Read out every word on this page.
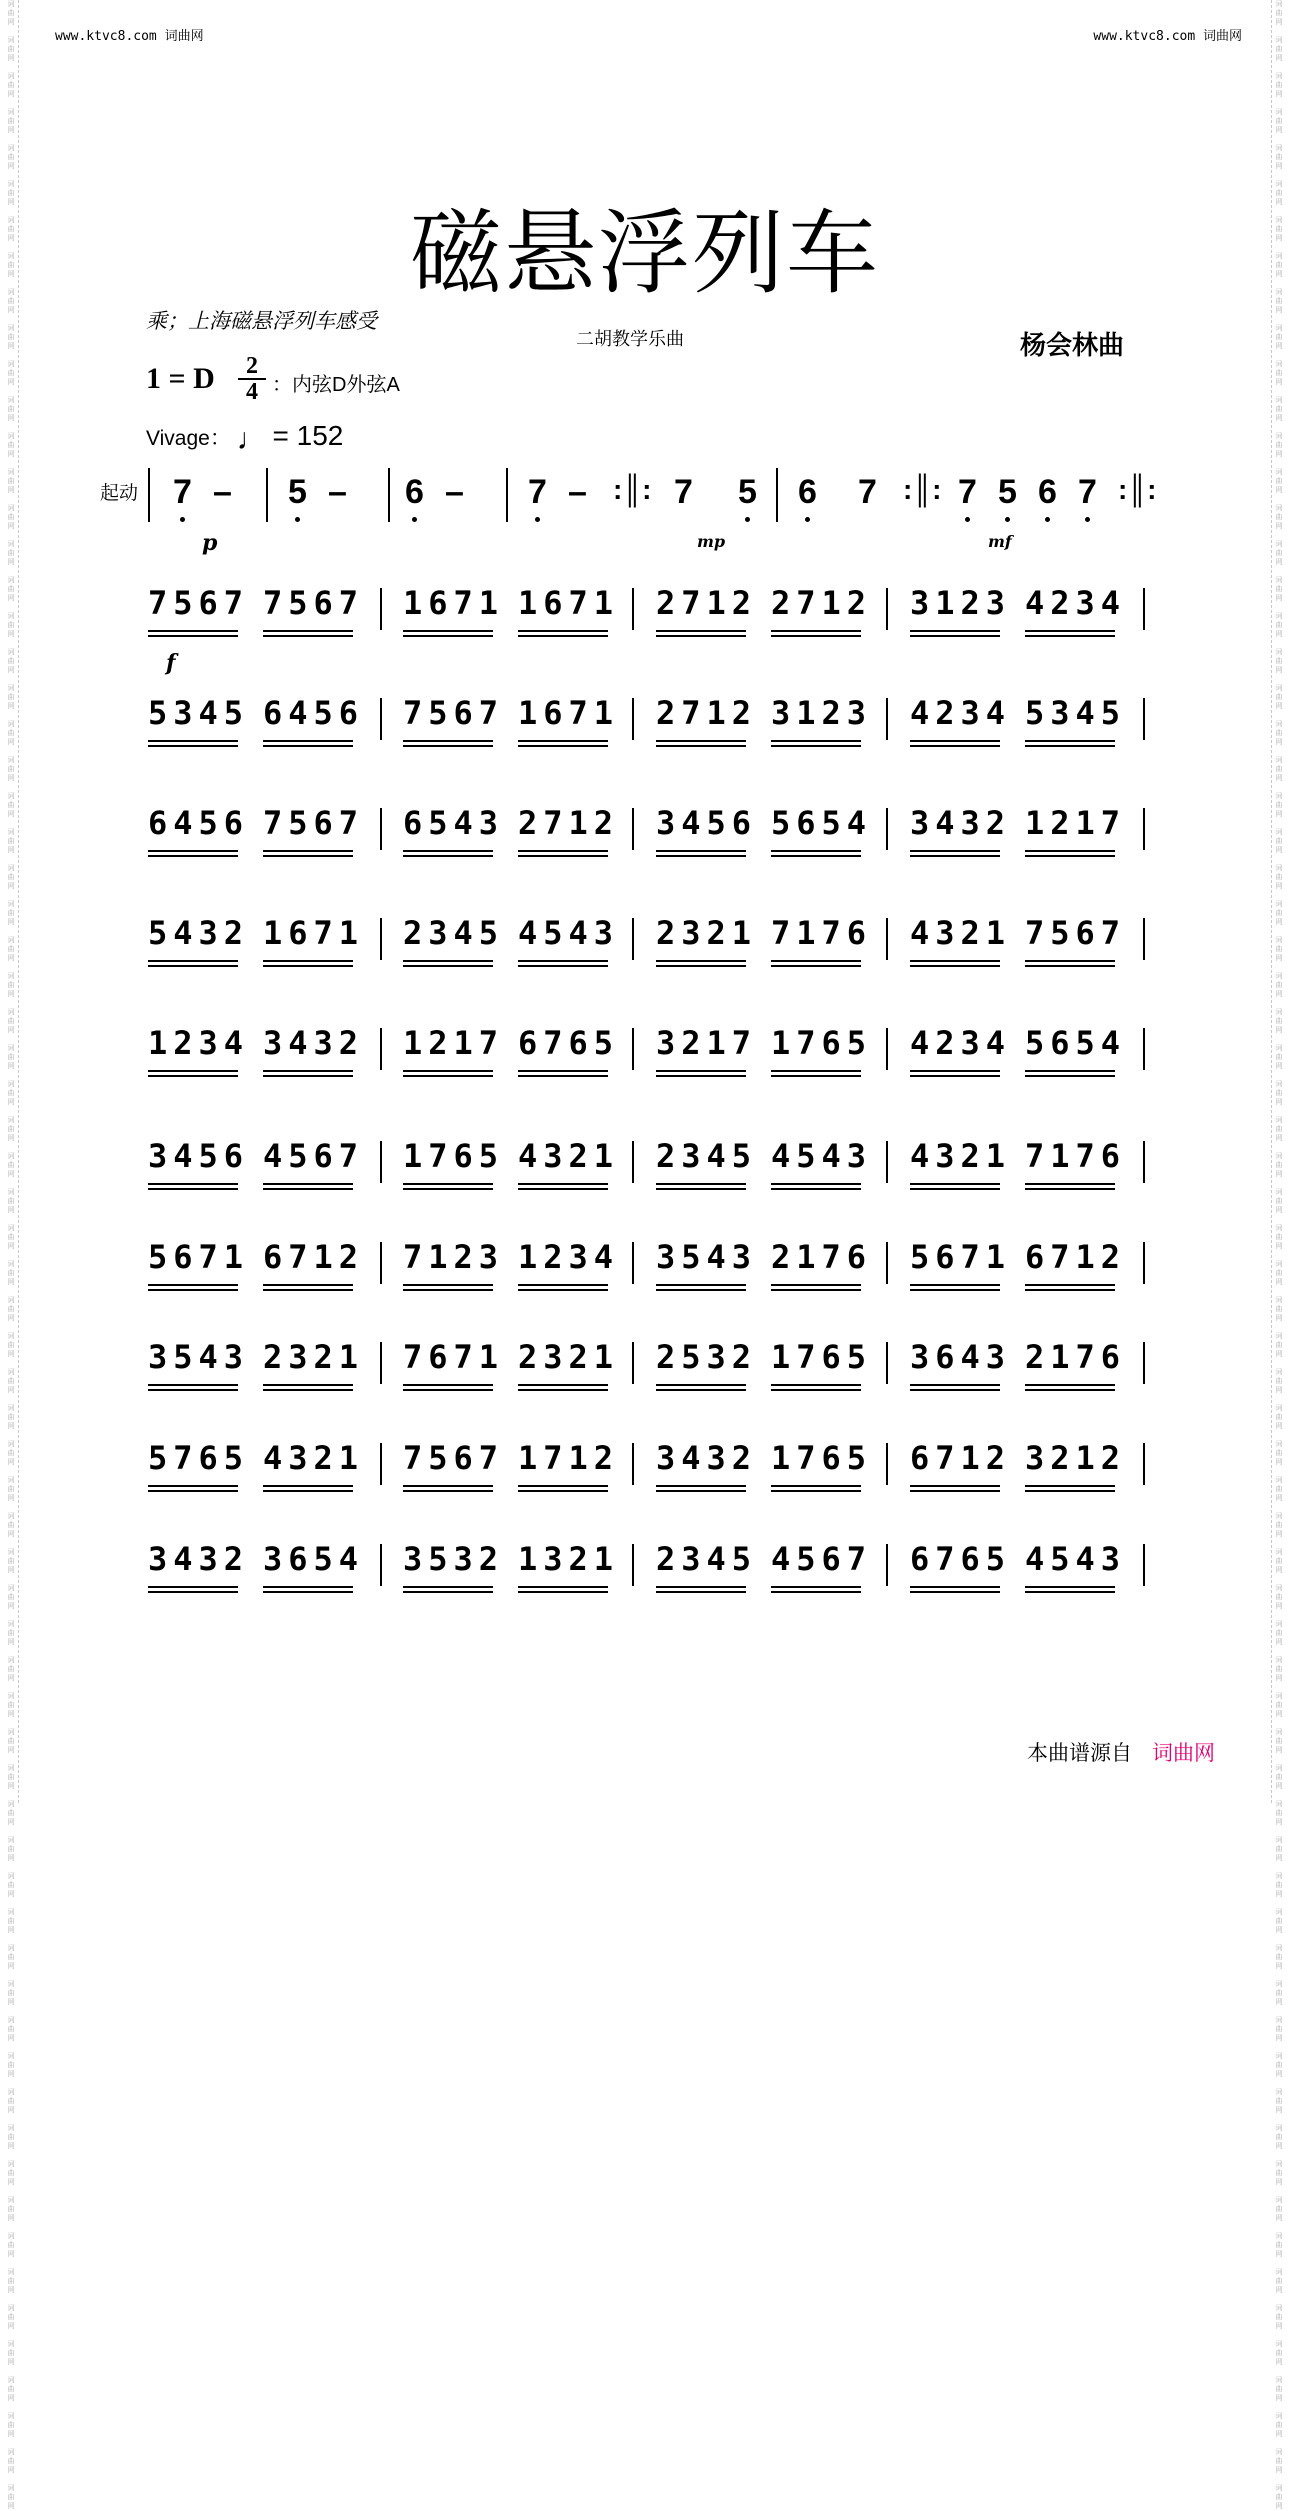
词
曲
网

词
曲
网

词
曲
网

词
曲
网

词
曲
网

词
曲
网

词
曲
网

词
曲
网

词
曲
网

词
曲
网

词
曲
网

词
曲
网

词
曲
网

词
曲
网

词
曲
网

词
曲
网

词
曲
网

词
曲
网

词
曲
网

词
曲
网

词
曲
网

词
曲
网

词
曲
网

词
曲
网

词
曲
网

词
曲
网

词
曲
网

词
曲
网

词
曲
网

词
曲
网

词
曲
网

词
曲
网

词
曲
网

词
曲
网

词
曲
网

词
曲
网

词
曲
网

词
曲
网

词
曲
网

词
曲
网

词
曲
网

词
曲
网

词
曲
网

词
曲
网

词
曲
网

词
曲
网

词
曲
网

词
曲
网

词
曲
网

词
曲
网

词
曲
网

词
曲
网

词
曲
网

词
曲
网

词
曲
网

词
曲
网

词
曲
网

词
曲
网

词
曲
网

词
曲
网

词
曲
网

词
曲
网

词
曲
网

词
曲
网

词
曲
网

词
曲
网

词
曲
网

词
曲
网

词
曲
网

词
曲
网

词
曲
网

词
曲
网

词
曲
网

词
曲
网

词
曲
网

词
曲
网

词
曲
网

词
曲
网

词
曲
网

词
曲
网

词
曲
网

词
曲
网

词
曲
网

词
曲
网

词
曲
网

词
曲
网

词
曲
网

词
曲
网

词
曲
网

词
曲
网

词
曲
网

词
曲
网

词
曲
网

词
曲
网

词
曲
网

词
曲
网

词
曲
网

词
曲
网

词
曲
网

词
曲
网

词
曲
网

词
曲
网

词
曲
网

词
曲
网

词
曲
网

词
曲
网

词
曲
网

词
曲
网

词
曲
网

词
曲
网

词
曲
网

词
曲
网

词
曲
网

词
曲
网

词
曲
网

词
曲
网

词
曲
网

词
曲
网

词
曲
网

词
曲
网

词
曲
网

词
曲
网

词
曲
网

词
曲
网

词
曲
网

词
曲
网

词
曲
网

词
曲
网

词
曲
网

词
曲
网

词
曲
网

词
曲
网

词
曲
网

词
曲
网

词
曲
网

词
曲
网

词
曲
网

词
曲
网

词
曲
网

词
曲
网

www.ktvc8.com 词曲网	www.ktvc8.com 词曲网
磁悬浮列车
乘；上海磁悬浮列车感受
二胡教学乐曲	杨会林曲
1 = D	2
4 ：内弦D外弦A
Vivage： ♩ = 152
起动	:║:	:║:	:║:
7 – 5 – 6 – 7 –	7 5 6 7 7 5 6 7
p	mp	mf
f
7567 7567 1671 1671 2712 2712 3123 4234
5345 6456 7567 1671 2712 3123 4234 5345
6456 7567 6543 2712 3456 5654 3432 1217
5432 1671 2345 4543 2321 7176 4321 7567
1234 3432 1217 6765 3217 1765 4234 5654
3456 4567 1765 4321 2345 4543 4321 7176
5671 6712 7123 1234 3543 2176 5671 6712
3543 2321 7671 2321 2532 1765 3643 2176
5765 4321 7567 1712 3432 1765 6712 3212
3432 3654 3532 1321 2345 4567 6765 4543
本曲谱源自 词曲网
